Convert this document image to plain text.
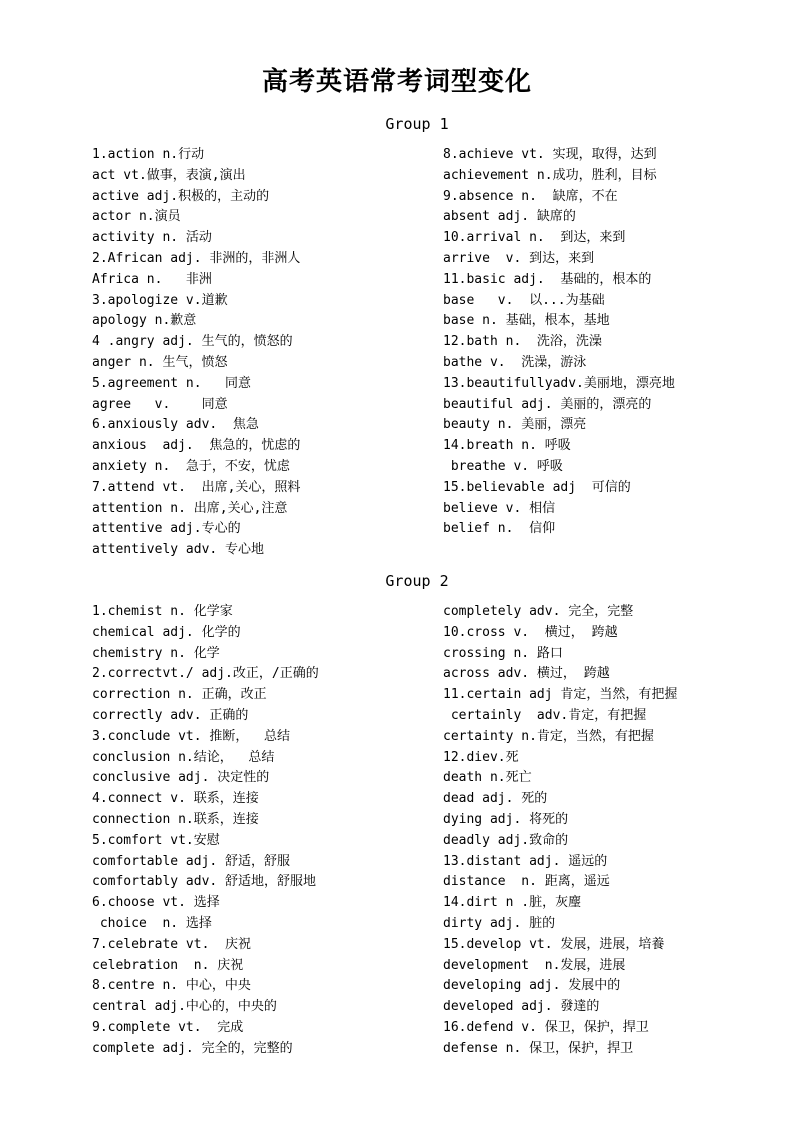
高考英语常考词型变化
Group 1
1.action n.行动
act vt.做事，表演,演出
active adj.积极的，主动的
actor n.演员
activity n. 活动
2.African adj. 非洲的，非洲人
Africa n.   非洲
3.apologize v.道歉
apology n.歉意
4 .angry adj. 生气的，愤怒的
anger n. 生气，愤怒
5.agreement n.   同意
agree   v.    同意
6.anxiously adv.  焦急
anxious  adj.  焦急的，忧虑的
anxiety n.  急于，不安，忧虑
7.attend vt.  出席,关心，照料
attention n. 出席,关心,注意
attentive adj.专心的
attentively adv. 专心地
8.achieve vt. 实现，取得，达到
achievement n.成功，胜利，目标
9.absence n.  缺席，不在
absent adj. 缺席的
10.arrival n.  到达，来到
arrive  v. 到达，来到
11.basic adj.  基础的，根本的
base   v.  以...为基础
base n. 基础，根本，基地
12.bath n.  洗浴，洗澡
bathe v.  洗澡，游泳
13.beautifullyadv.美丽地，漂亮地
beautiful adj. 美丽的，漂亮的
beauty n. 美丽，漂亮
14.breath n. 呼吸
breathe v. 呼吸
15.believable adj  可信的
believe v. 相信
belief n.  信仰
Group 2
1.chemist n. 化学家
chemical adj. 化学的
chemistry n. 化学
2.correctvt./ adj.改正，/正确的
correction n. 正确，改正
correctly adv. 正确的
3.conclude vt. 推断，  总结
conclusion n.结论，  总结
conclusive adj. 决定性的
4.connect v. 联系，连接
connection n.联系，连接
5.comfort vt.安慰
comfortable adj. 舒适，舒服
comfortably adv. 舒适地，舒服地
6.choose vt. 选择
choice  n. 选择
7.celebrate vt.  庆祝
celebration  n. 庆祝
8.centre n. 中心，中央
central adj.中心的，中央的
9.complete vt.  完成
complete adj. 完全的，完整的
completely adv. 完全，完整
10.cross v.  横过， 跨越
crossing n. 路口
across adv. 横过， 跨越
11.certain adj 肯定，当然，有把握
certainly  adv.肯定，有把握
certainty n.肯定，当然，有把握
12.diev.死
death n.死亡
dead adj. 死的
dying adj. 将死的
deadly adj.致命的
13.distant adj. 遥远的
distance  n. 距离，遥远
14.dirt n .脏，灰麈
dirty adj. 脏的
15.develop vt. 发展，进展，培養
development  n.发展，进展
developing adj. 发展中的
developed adj. 發達的
16.defend v. 保卫，保护，捍卫
defense n. 保卫，保护，捍卫
